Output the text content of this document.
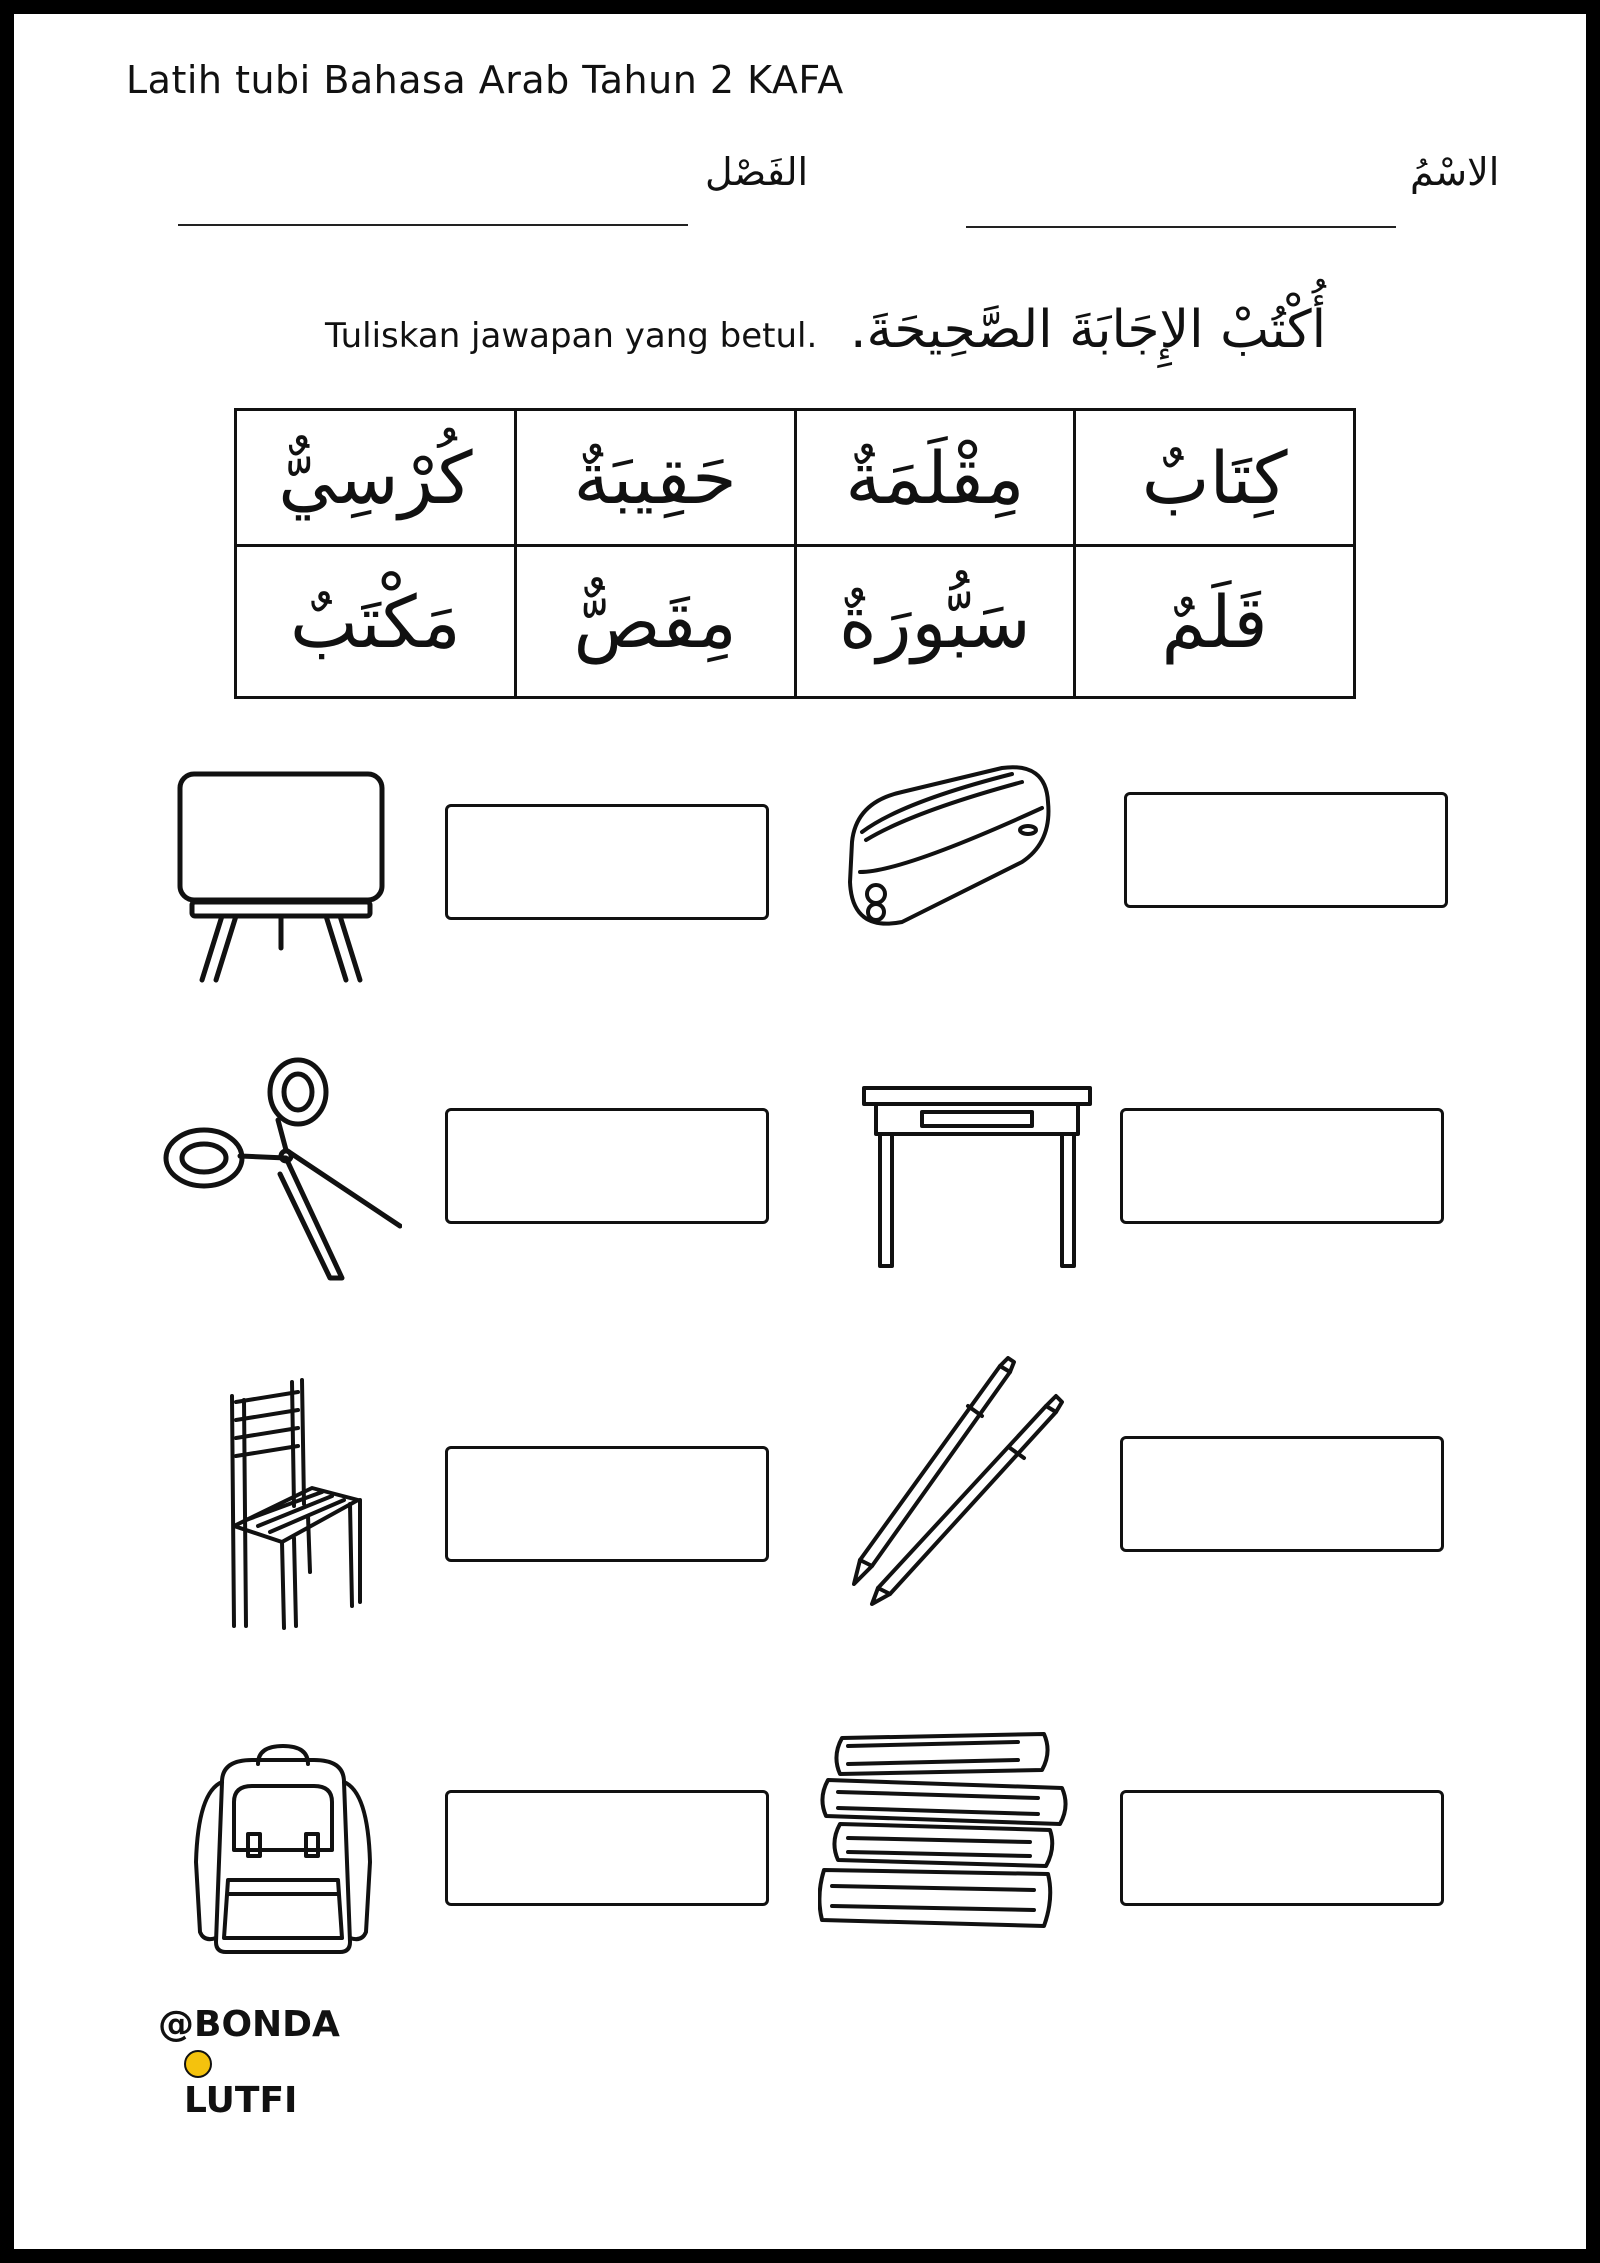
Latih tubi Bahasa Arab Tahun 2 KAFA
الفَصْل	الاسْمُ
Tuliskan jawapan yang betul. أُكْتُبْ الإِجَابَةَ الصَّحِيحَةَ.
كُرْسِيٌّ	حَقِيبَةٌ	مِقْلَمَةٌ	كِتَابٌ
مَكْتَبٌ	مِقَصٌّ	سَبُّورَةٌ	قَلَمٌ
@BONDA
LUTFI
